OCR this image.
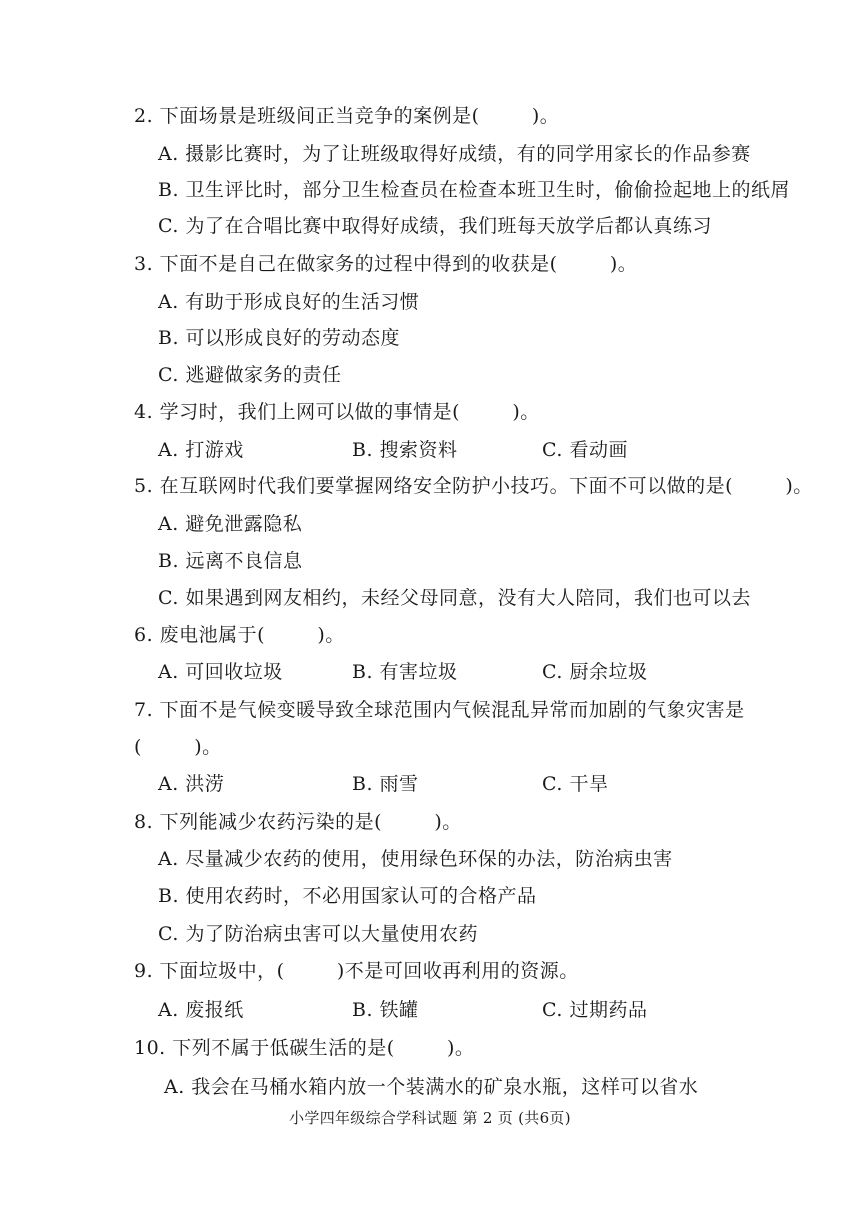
2. 下面场景是班级间正当竞争的案例是(        )。
A. 摄影比赛时，为了让班级取得好成绩，有的同学用家长的作品参赛
B. 卫生评比时，部分卫生检查员在检查本班卫生时，偷偷捡起地上的纸屑
C. 为了在合唱比赛中取得好成绩，我们班每天放学后都认真练习
3. 下面不是自己在做家务的过程中得到的收获是(        )。
A. 有助于形成良好的生活习惯
B. 可以形成良好的劳动态度
C. 逃避做家务的责任
4. 学习时，我们上网可以做的事情是(        )。
A. 打游戏	B. 搜索资料	C. 看动画
5. 在互联网时代我们要掌握网络安全防护小技巧。下面不可以做的是(        )。
A. 避免泄露隐私
B. 远离不良信息
C. 如果遇到网友相约，未经父母同意，没有大人陪同，我们也可以去
6. 废电池属于(        )。
A. 可回收垃圾	B. 有害垃圾	C. 厨余垃圾
7. 下面不是气候变暖导致全球范围内气候混乱异常而加剧的气象灾害是
(        )。
A. 洪涝	B. 雨雪	C. 干旱
8. 下列能减少农药污染的是(        )。
A. 尽量减少农药的使用，使用绿色环保的办法，防治病虫害
B. 使用农药时，不必用国家认可的合格产品
C. 为了防治病虫害可以大量使用农药
9. 下面垃圾中，(        )不是可回收再利用的资源。
A. 废报纸	B. 铁罐	C. 过期药品
10. 下列不属于低碳生活的是(        )。
A. 我会在马桶水箱内放一个装满水的矿泉水瓶，这样可以省水
小学四年级综合学科试题 第 2 页 (共6页)
